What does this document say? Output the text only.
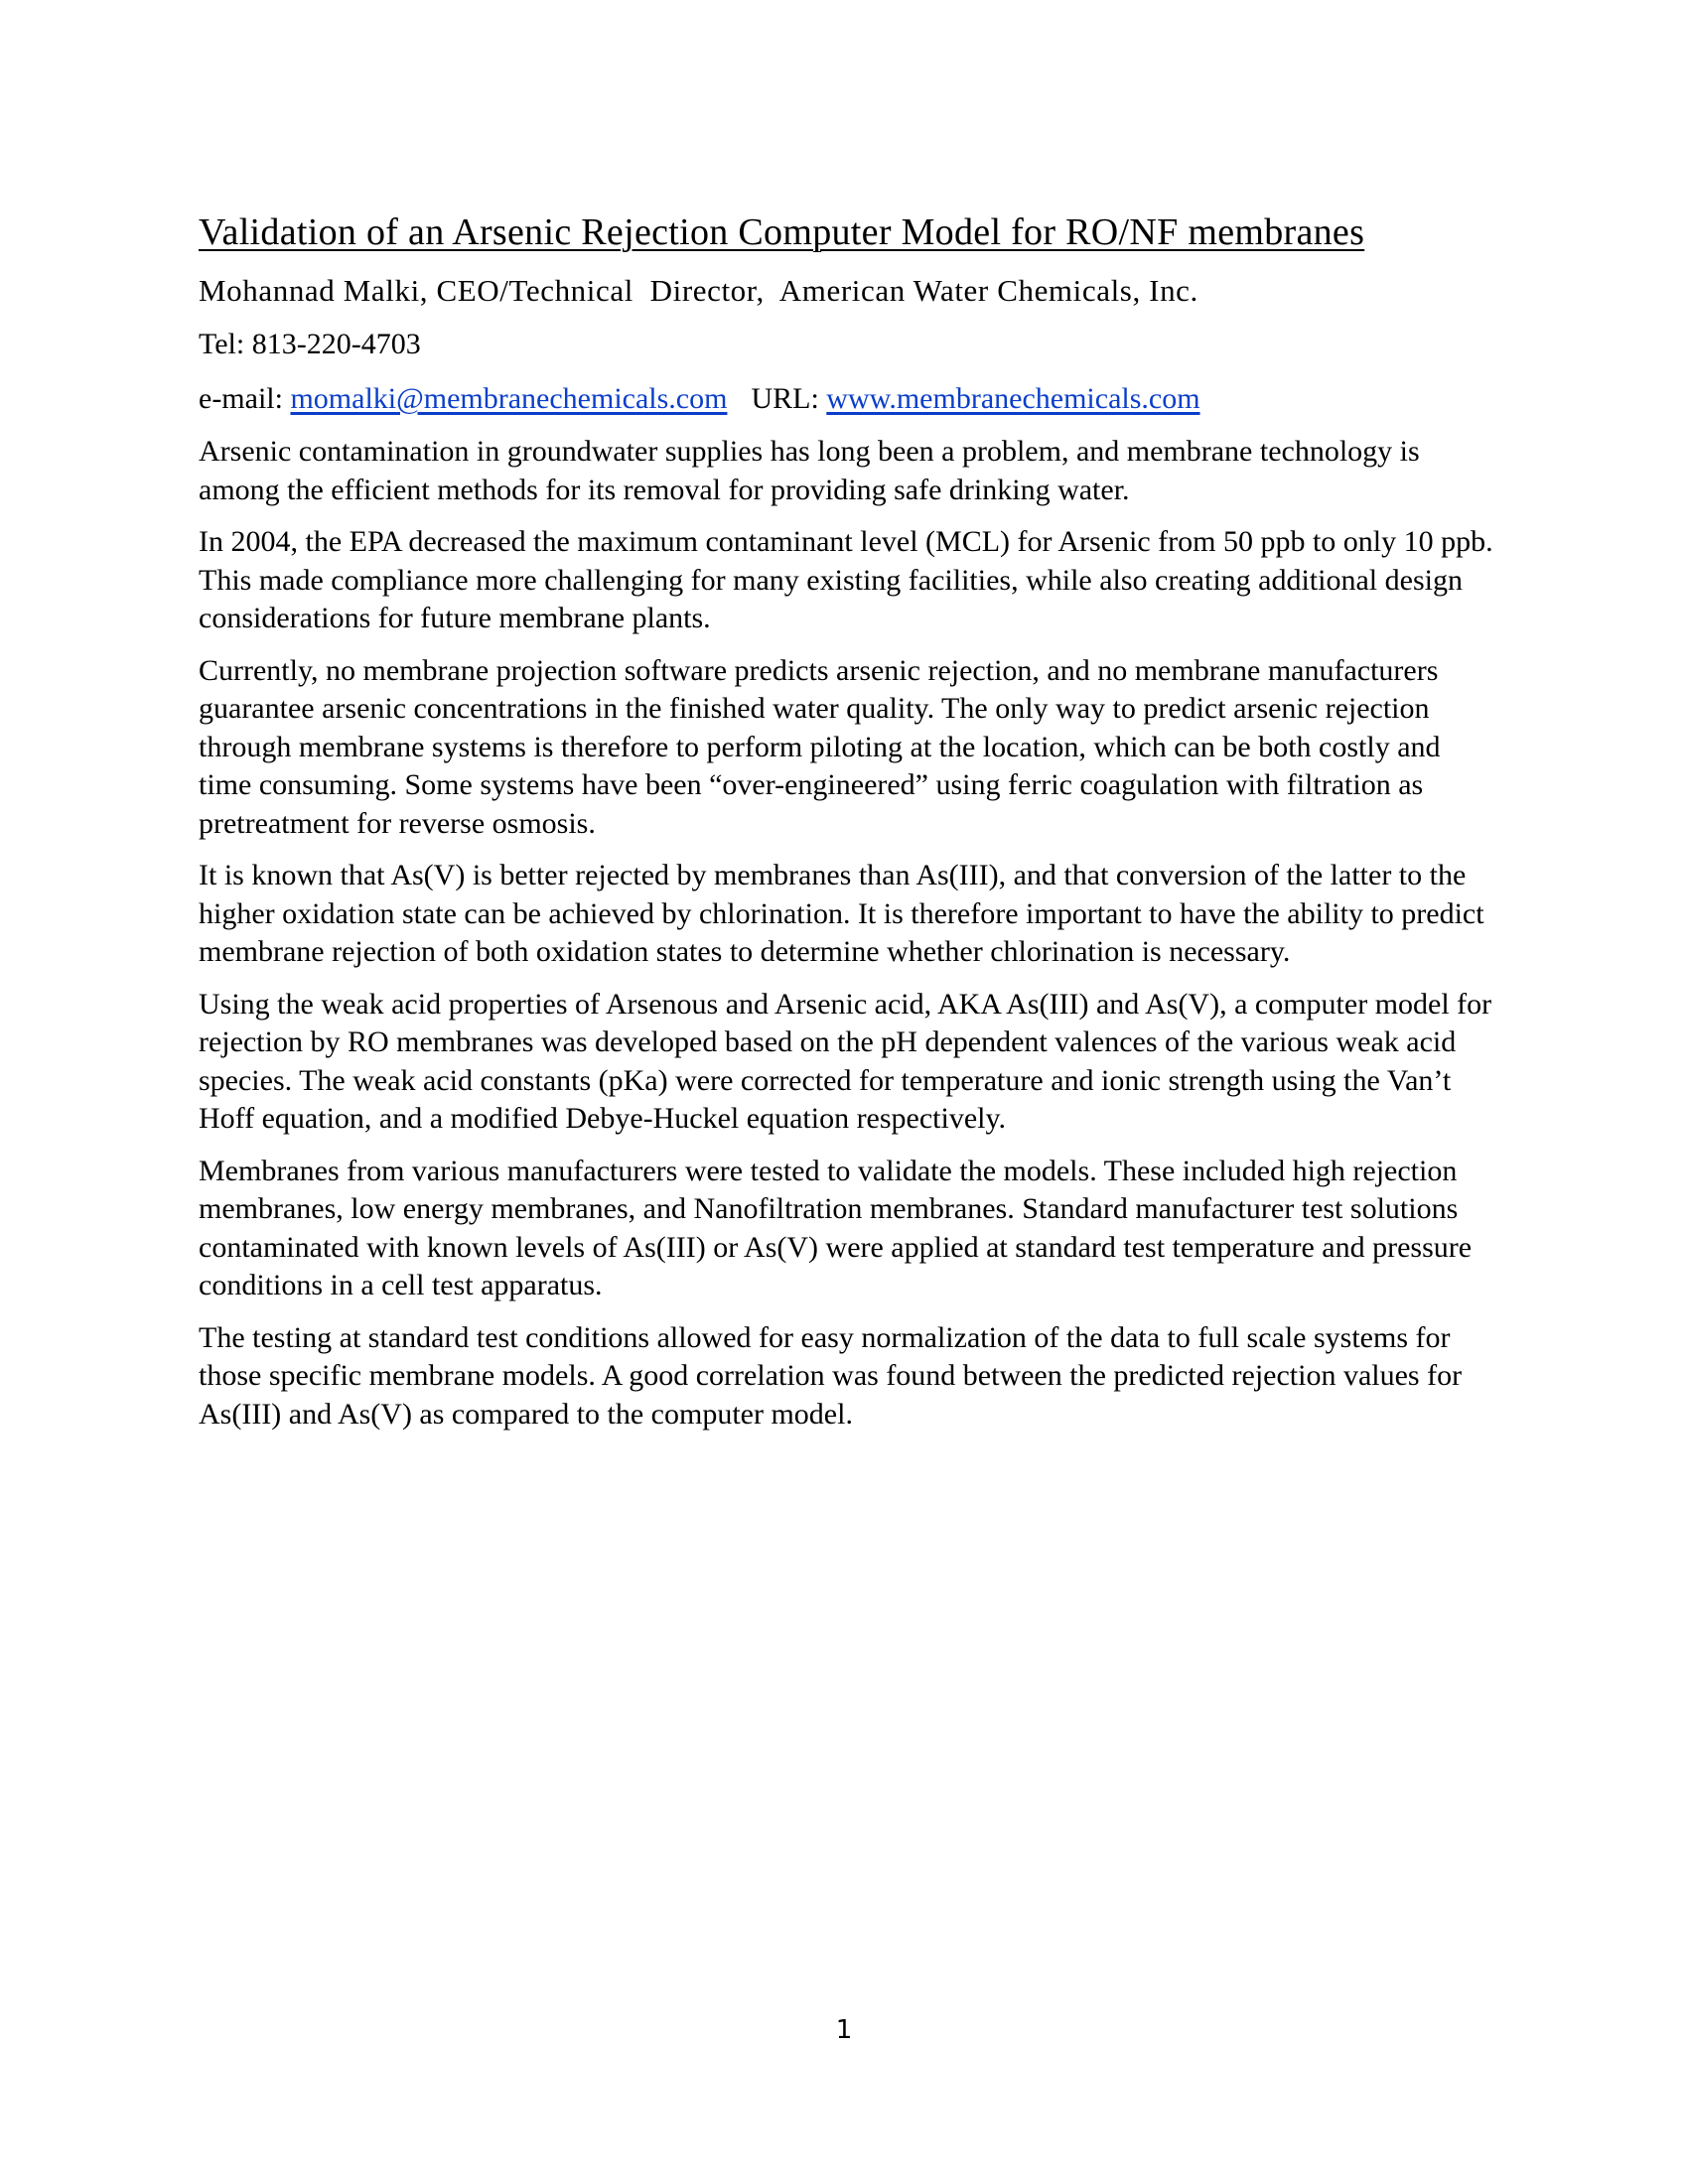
Validation of an Arsenic Rejection Computer Model for RO/NF membranes
Mohannad Malki, CEO/Technical  Director,  American Water Chemicals, Inc.
Tel: 813-220-4703
e-mail: momalki@membranechemicals.com URL: www.membranechemicals.com

Arsenic contamination in groundwater supplies has long been a problem, and membrane technology is among the efficient methods for its removal for providing safe drinking water.

In 2004, the EPA decreased the maximum contaminant level (MCL) for Arsenic from 50 ppb to only 10 ppb. This made compliance more challenging for many existing facilities, while also creating additional design considerations for future membrane plants.

Currently, no membrane projection software predicts arsenic rejection, and no membrane manufacturers guarantee arsenic concentrations in the finished water quality. The only way to predict arsenic rejection through membrane systems is therefore to perform piloting at the location, which can be both costly and time consuming. Some systems have been “over-engineered” using ferric coagulation with filtration as pretreatment for reverse osmosis.

It is known that As(V) is better rejected by membranes than As(III), and that conversion of the latter to the higher oxidation state can be achieved by chlorination. It is therefore important to have the ability to predict membrane rejection of both oxidation states to determine whether chlorination is necessary.

Using the weak acid properties of Arsenous and Arsenic acid, AKA As(III) and As(V), a computer model for rejection by RO membranes was developed based on the pH dependent valences of the various weak acid species. The weak acid constants (pKa) were corrected for temperature and ionic strength using the Van’t Hoff equation, and a modified Debye-Huckel equation respectively.

Membranes from various manufacturers were tested to validate the models. These included high rejection membranes, low energy membranes, and Nanofiltration membranes. Standard manufacturer test solutions contaminated with known levels of As(III) or As(V) were applied at standard test temperature and pressure conditions in a cell test apparatus.

The testing at standard test conditions allowed for easy normalization of the data to full scale systems for those specific membrane models. A good correlation was found between the predicted rejection values for As(III) and As(V) as compared to the computer model.

1
